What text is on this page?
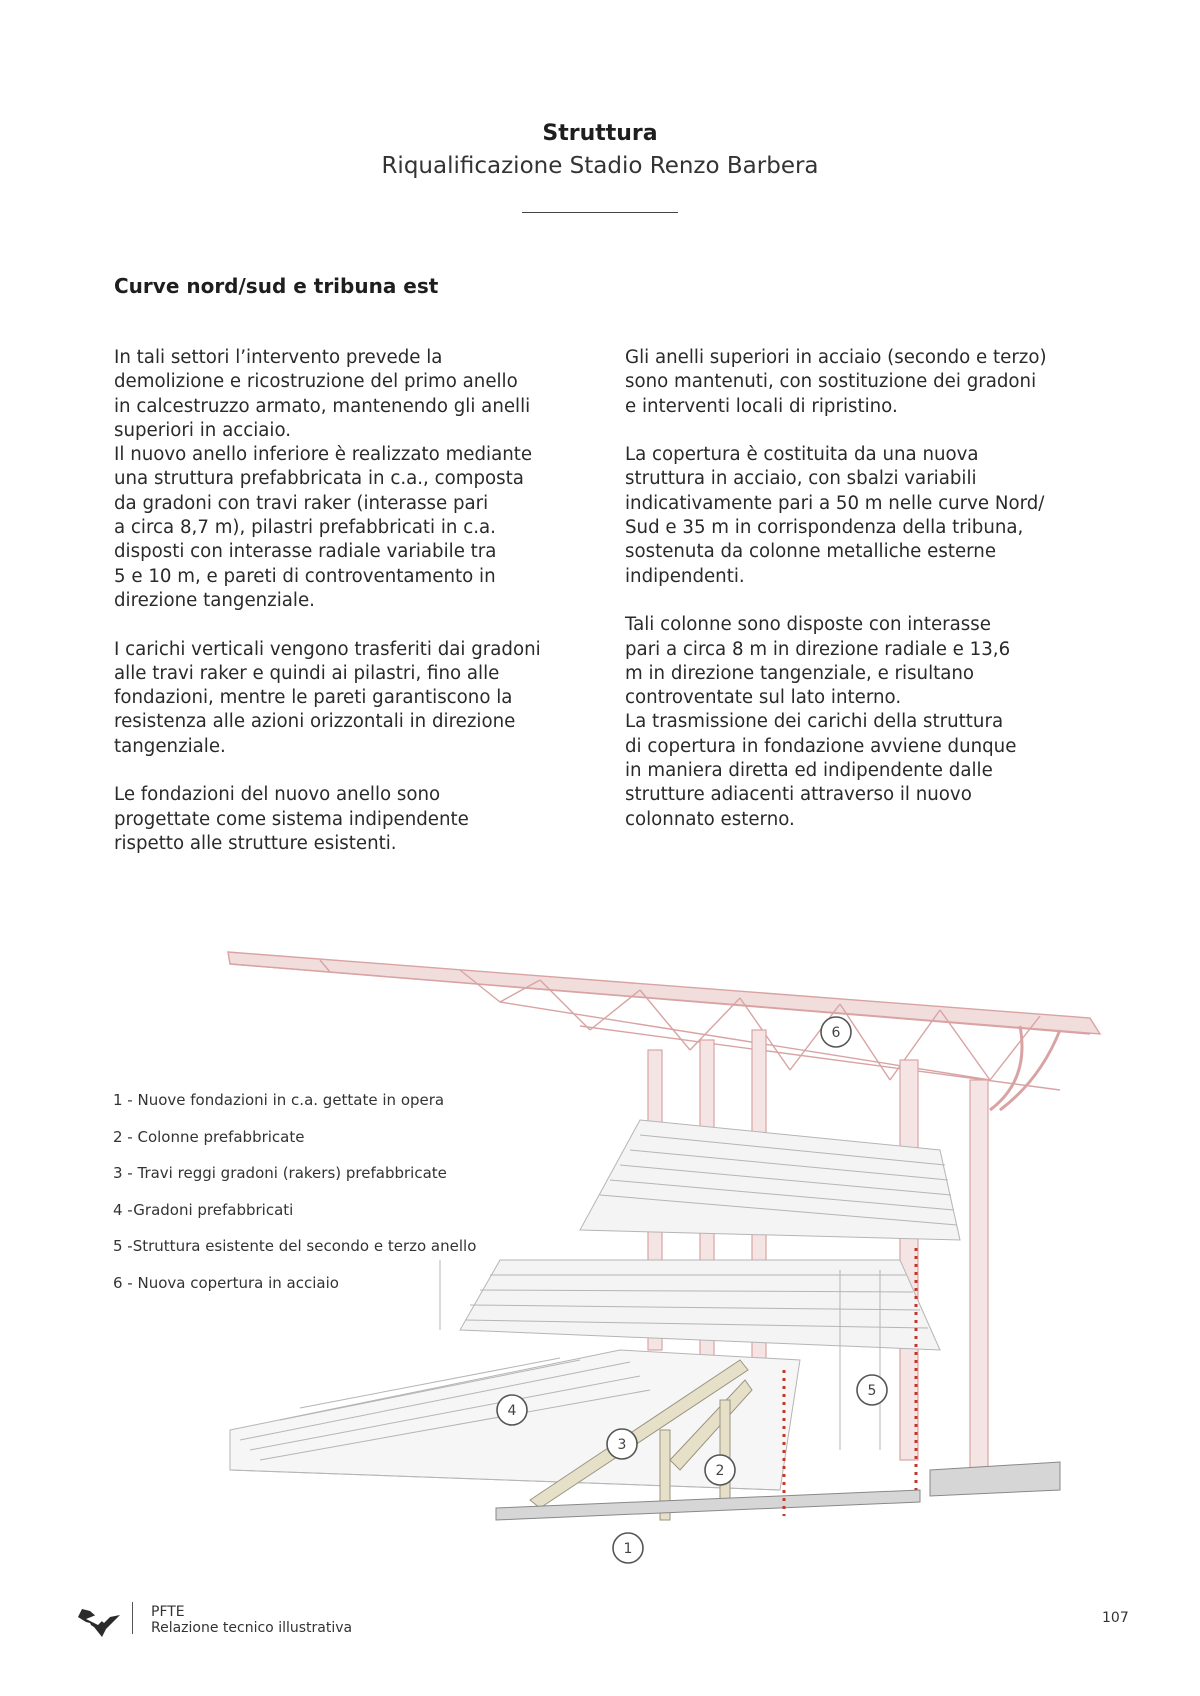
Struttura
Riqualificazione Stadio Renzo Barbera
Curve nord/sud e tribuna est

In tali settori l’intervento prevede la
demolizione e ricostruzione del primo anello
in calcestruzzo armato, mantenendo gli anelli
superiori in acciaio.
Il nuovo anello inferiore è realizzato mediante
una struttura prefabbricata in c.a., composta
da gradoni con travi raker (interasse pari
a circa 8,7 m), pilastri prefabbricati in c.a.
disposti con interasse radiale variabile tra
5 e 10 m, e pareti di controventamento in
direzione tangenziale.

I carichi verticali vengono trasferiti dai gradoni
alle travi raker e quindi ai pilastri, fino alle
fondazioni, mentre le pareti garantiscono la
resistenza alle azioni orizzontali in direzione
tangenziale.

Le fondazioni del nuovo anello sono
progettate come sistema indipendente
rispetto alle strutture esistenti.

Gli anelli superiori in acciaio (secondo e terzo)
sono mantenuti, con sostituzione dei gradoni
e interventi locali di ripristino.

La copertura è costituita da una nuova
struttura in acciaio, con sbalzi variabili
indicativamente pari a 50 m nelle curve Nord/
Sud e 35 m in corrispondenza della tribuna,
sostenuta da colonne metalliche esterne
indipendenti.

Tali colonne sono disposte con interasse
pari a circa 8 m in direzione radiale e 13,6
m in direzione tangenziale, e risultano
controventate sul lato interno.
La trasmissione dei carichi della struttura
di copertura in fondazione avviene dunque
in maniera diretta ed indipendente dalle
strutture adiacenti attraverso il nuovo
colonnato esterno.

6
5
4
3
2
1
1 - Nuove fondazioni in c.a. gettate in opera
2 - Colonne prefabbricate
3 - Travi reggi gradoni (rakers) prefabbricate
4 -Gradoni prefabbricati
5 -Struttura esistente del secondo e terzo anello
6 - Nuova copertura in acciaio
PFTE
Relazione tecnico illustrativa
107
